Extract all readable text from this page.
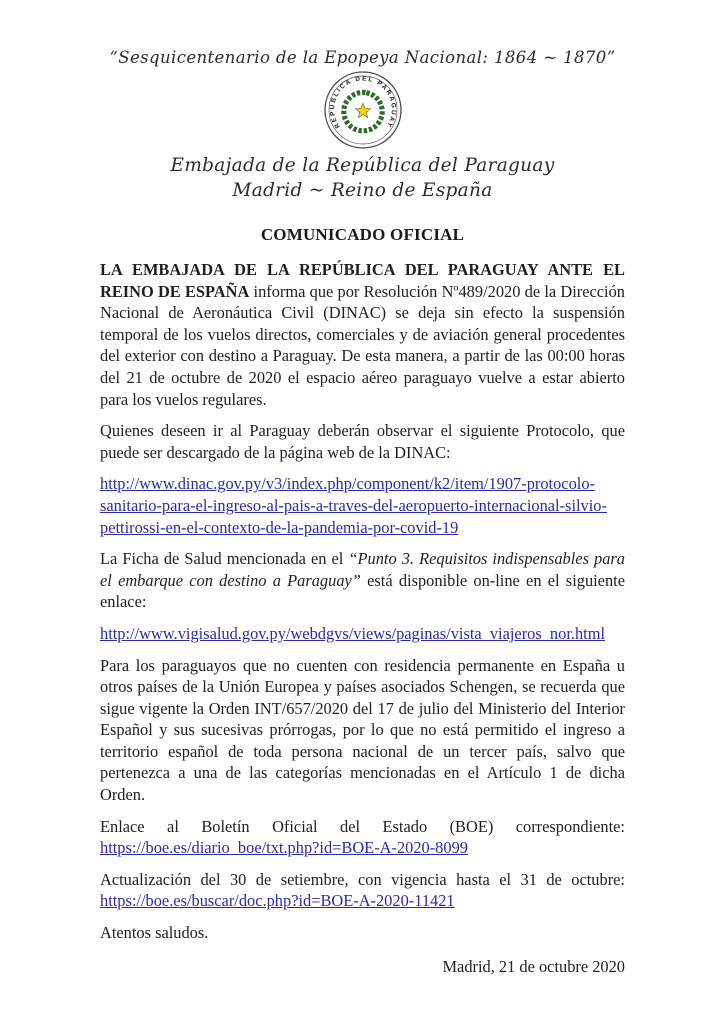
“Sesquicentenario de la Epopeya Nacional: 1864 ~ 1870”
REPUBLICA DEL PARAGUAY
Embajada de la República del Paraguay
Madrid ~ Reino de España
COMUNICADO OFICIAL

LA EMBAJADA DE LA REPÚBLICA DEL PARAGUAY ANTE EL REINO DE ESPAÑA informa que por Resolución Nº489/2020 de la Dirección Nacional de Aeronáutica Civil (DINAC) se deja sin efecto la suspensión temporal de los vuelos directos, comerciales y de aviación general procedentes del exterior con destino a Paraguay. De esta manera, a partir de las 00:00 horas del 21 de octubre de 2020 el espacio aéreo paraguayo vuelve a estar abierto para los vuelos regulares.

Quienes deseen ir al Paraguay deberán observar el siguiente Protocolo, que puede ser descargado de la página web de la DINAC:

http://www.dinac.gov.py/v3/index.php/component/k2/item/1907-protocolo-sanitario-para-el-ingreso-al-pais-a-traves-del-aeropuerto-internacional-silvio-pettirossi-en-el-contexto-de-la-pandemia-por-covid-19

La Ficha de Salud mencionada en el “Punto 3. Requisitos indispensables para el embarque con destino a Paraguay” está disponible on-line en el siguiente enlace:

http://www.vigisalud.gov.py/webdgvs/views/paginas/vista_viajeros_nor.html

Para los paraguayos que no cuenten con residencia permanente en España u otros países de la Unión Europea y países asociados Schengen, se recuerda que sigue vigente la Orden INT/657/2020 del 17 de julio del Ministerio del Interior Español y sus sucesivas prórrogas, por lo que no está permitido el ingreso a territorio español de toda persona nacional de un tercer país, salvo que pertenezca a una de las categorías mencionadas en el Artículo 1 de dicha Orden.

Enlace al Boletín Oficial del Estado (BOE) correspondiente: https://boe.es/diario_boe/txt.php?id=BOE-A-2020-8099

Actualización del 30 de setiembre, con vigencia hasta el 31 de octubre: https://boe.es/buscar/doc.php?id=BOE-A-2020-11421

Atentos saludos.

Madrid, 21 de octubre 2020
